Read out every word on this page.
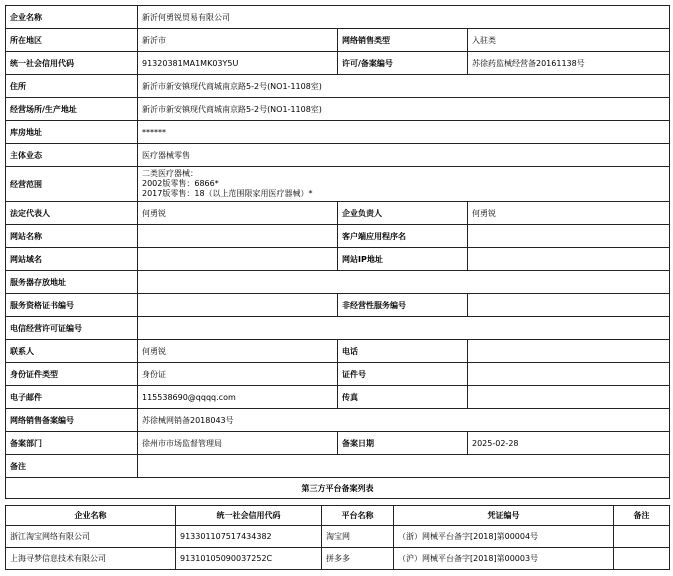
企业名称	新沂何勇锐贸易有限公司		
所在地区	新沂市	网络销售类型	入驻类
统一社会信用代码	91320381MA1MK03Y5U	许可/备案编号	苏徐药监械经营备20161138号
住所	新沂市新安镇现代商城南京路5-2号(NO1-1108室)		
经营场所/生产地址	新沂市新安镇现代商城南京路5-2号(NO1-1108室)		
库房地址	******		
主体业态	医疗器械零售		
经营范围	二类医疗器械：
2002版零售：6866*
2017版零售：18（以上范围限家用医疗器械）*		

法定代表人	何勇锐	企业负责人	何勇锐
网站名称		客户端应用程序名	
网站域名		网站IP地址	
服务器存放地址			
服务资格证书编号		非经营性服务编号	
电信经营许可证编号			
联系人	何勇锐	电话	
身份证件类型	身份证	证件号	
电子邮件	115538690@qqqq.com	传真	
网络销售备案编号	苏徐械网销备2018043号		
备案部门	徐州市市场监督管理局	备案日期	2025-02-28
备注			
第三方平台备案列表			
企业名称	统一社会信用代码	平台名称	凭证编号	备注
浙江淘宝网络有限公司	913301107517434382	淘宝网	（浙）网械平台备字[2018]第00004号	
上海寻梦信息技术有限公司	91310105090037252C	拼多多	（沪）网械平台备字[2018]第00003号	
